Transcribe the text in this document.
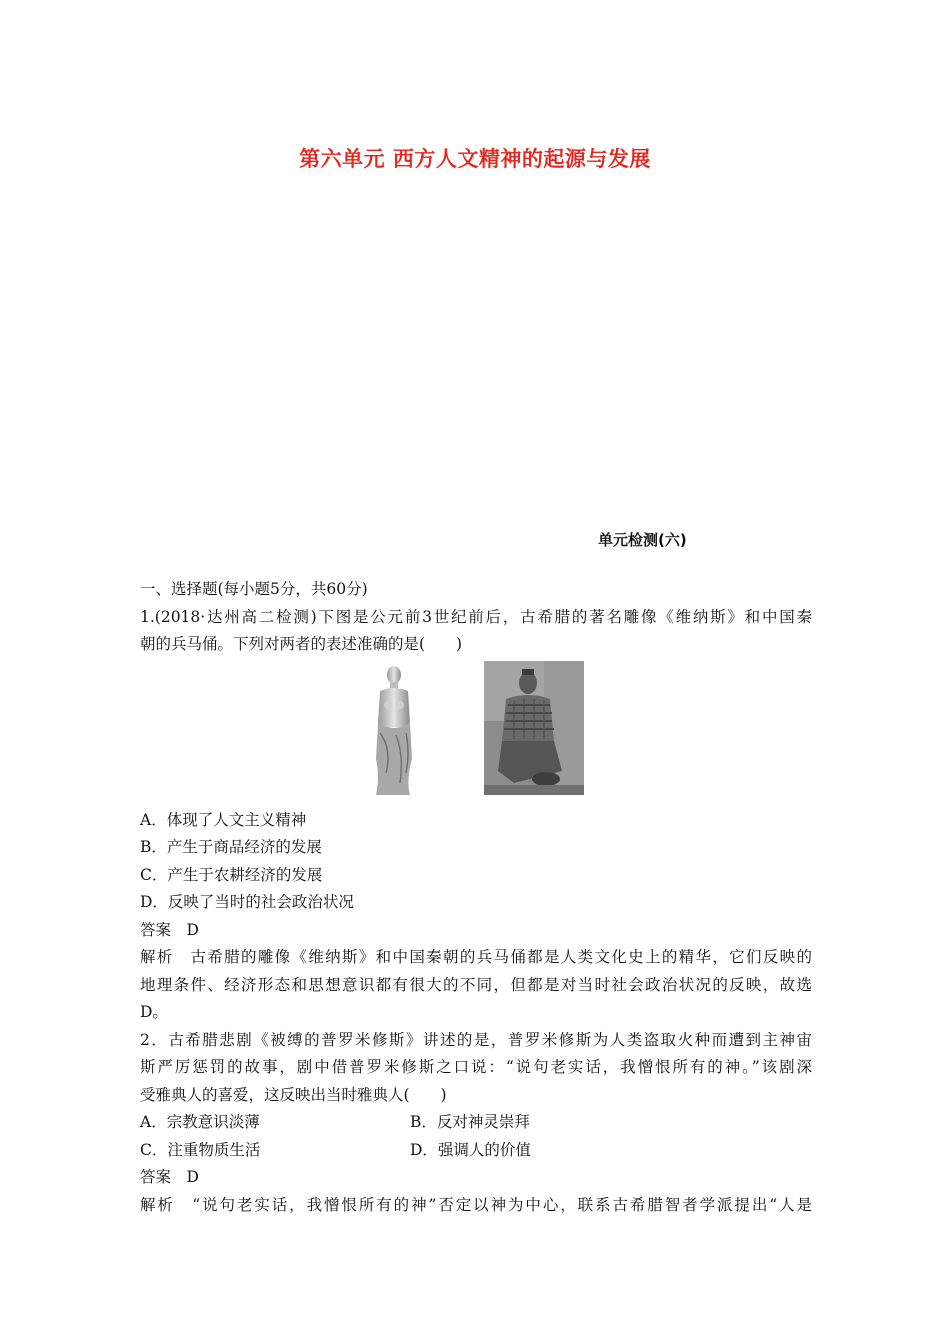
第六单元 西方人文精神的起源与发展
单元检测(六)
一、选择题(每小题5分，共60分)
1.(2018·达州高二检测)下图是公元前3世纪前后，古希腊的著名雕像《维纳斯》和中国秦
朝的兵马俑。下列对两者的表述准确的是(　　)
A．体现了人文主义精神
B．产生于商品经济的发展
C．产生于农耕经济的发展
D．反映了当时的社会政治状况
答案　D
解析　古希腊的雕像《维纳斯》和中国秦朝的兵马俑都是人类文化史上的精华，它们反映的
地理条件、经济形态和思想意识都有很大的不同，但都是对当时社会政治状况的反映，故选
D。
2．古希腊悲剧《被缚的普罗米修斯》讲述的是，普罗米修斯为人类盗取火种而遭到主神宙
斯严厉惩罚的故事，剧中借普罗米修斯之口说：“说句老实话，我憎恨所有的神。”该剧深
受雅典人的喜爱，这反映出当时雅典人(　　)
A．宗教意识淡薄	B．反对神灵崇拜
C．注重物质生活	D．强调人的价值
答案　D
解析　“说句老实话，我憎恨所有的神”否定以神为中心，联系古希腊智者学派提出“人是
